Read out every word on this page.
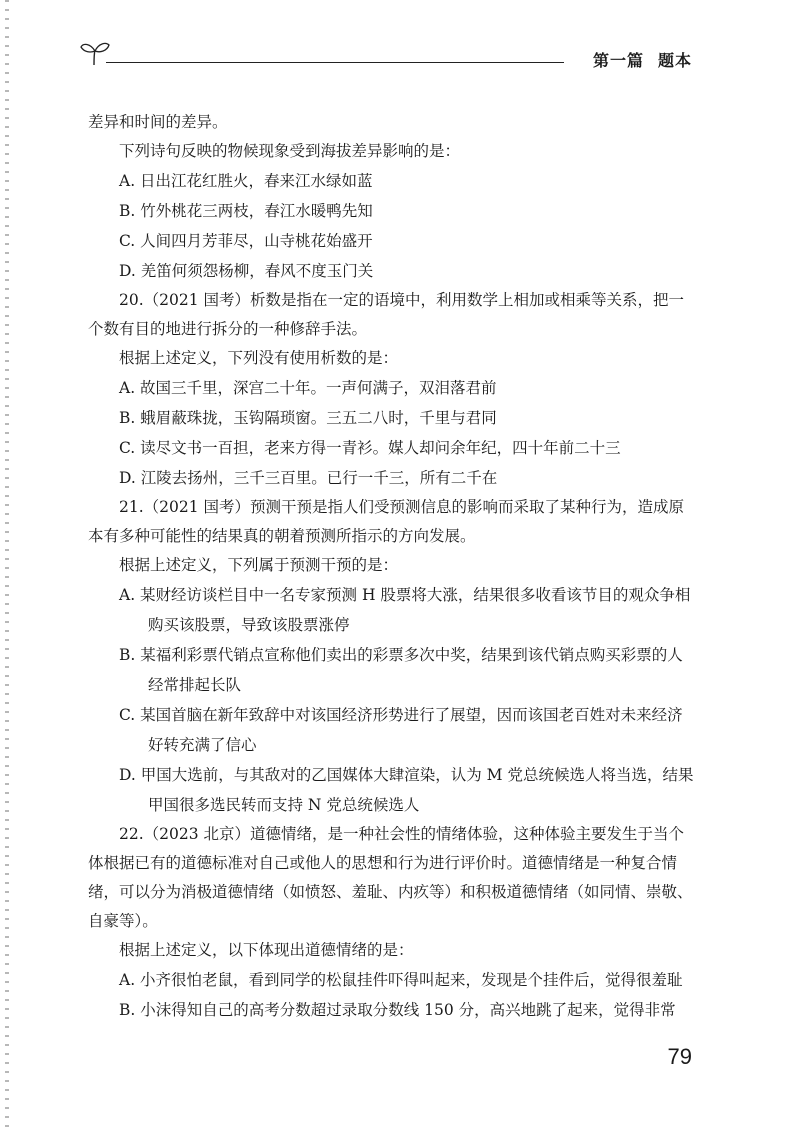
第一篇 题本

差异和时间的差异。

下列诗句反映的物候现象受到海拔差异影响的是：

A. 日出江花红胜火，春来江水绿如蓝

B. 竹外桃花三两枝，春江水暖鸭先知

C. 人间四月芳菲尽，山寺桃花始盛开

D. 羌笛何须怨杨柳，春风不度玉门关

20.（2021 国考）析数是指在一定的语境中，利用数学上相加或相乘等关系，把一个数有目的地进行拆分的一种修辞手法。

根据上述定义，下列没有使用析数的是：

A. 故国三千里，深宫二十年。一声何满子，双泪落君前

B. 蛾眉蔽珠拢，玉钩隔琐窗。三五二八时，千里与君同

C. 读尽文书一百担，老来方得一青衫。媒人却问余年纪，四十年前二十三

D. 江陵去扬州，三千三百里。已行一千三，所有二千在

21.（2021 国考）预测干预是指人们受预测信息的影响而采取了某种行为，造成原本有多种可能性的结果真的朝着预测所指示的方向发展。

根据上述定义，下列属于预测干预的是：

A. 某财经访谈栏目中一名专家预测 H 股票将大涨，结果很多收看该节目的观众争相购买该股票，导致该股票涨停

B. 某福利彩票代销点宣称他们卖出的彩票多次中奖，结果到该代销点购买彩票的人经常排起长队

C. 某国首脑在新年致辞中对该国经济形势进行了展望，因而该国老百姓对未来经济好转充满了信心

D. 甲国大选前，与其敌对的乙国媒体大肆渲染，认为 M 党总统候选人将当选，结果甲国很多选民转而支持 N 党总统候选人

22.（2023 北京）道德情绪，是一种社会性的情绪体验，这种体验主要发生于当个体根据已有的道德标准对自己或他人的思想和行为进行评价时。道德情绪是一种复合情绪，可以分为消极道德情绪（如愤怒、羞耻、内疚等）和积极道德情绪（如同情、崇敬、自豪等）。

根据上述定义，以下体现出道德情绪的是：

A. 小齐很怕老鼠，看到同学的松鼠挂件吓得叫起来，发现是个挂件后，觉得很羞耻

B. 小沫得知自己的高考分数超过录取分数线 150 分，高兴地跳了起来，觉得非常

79
